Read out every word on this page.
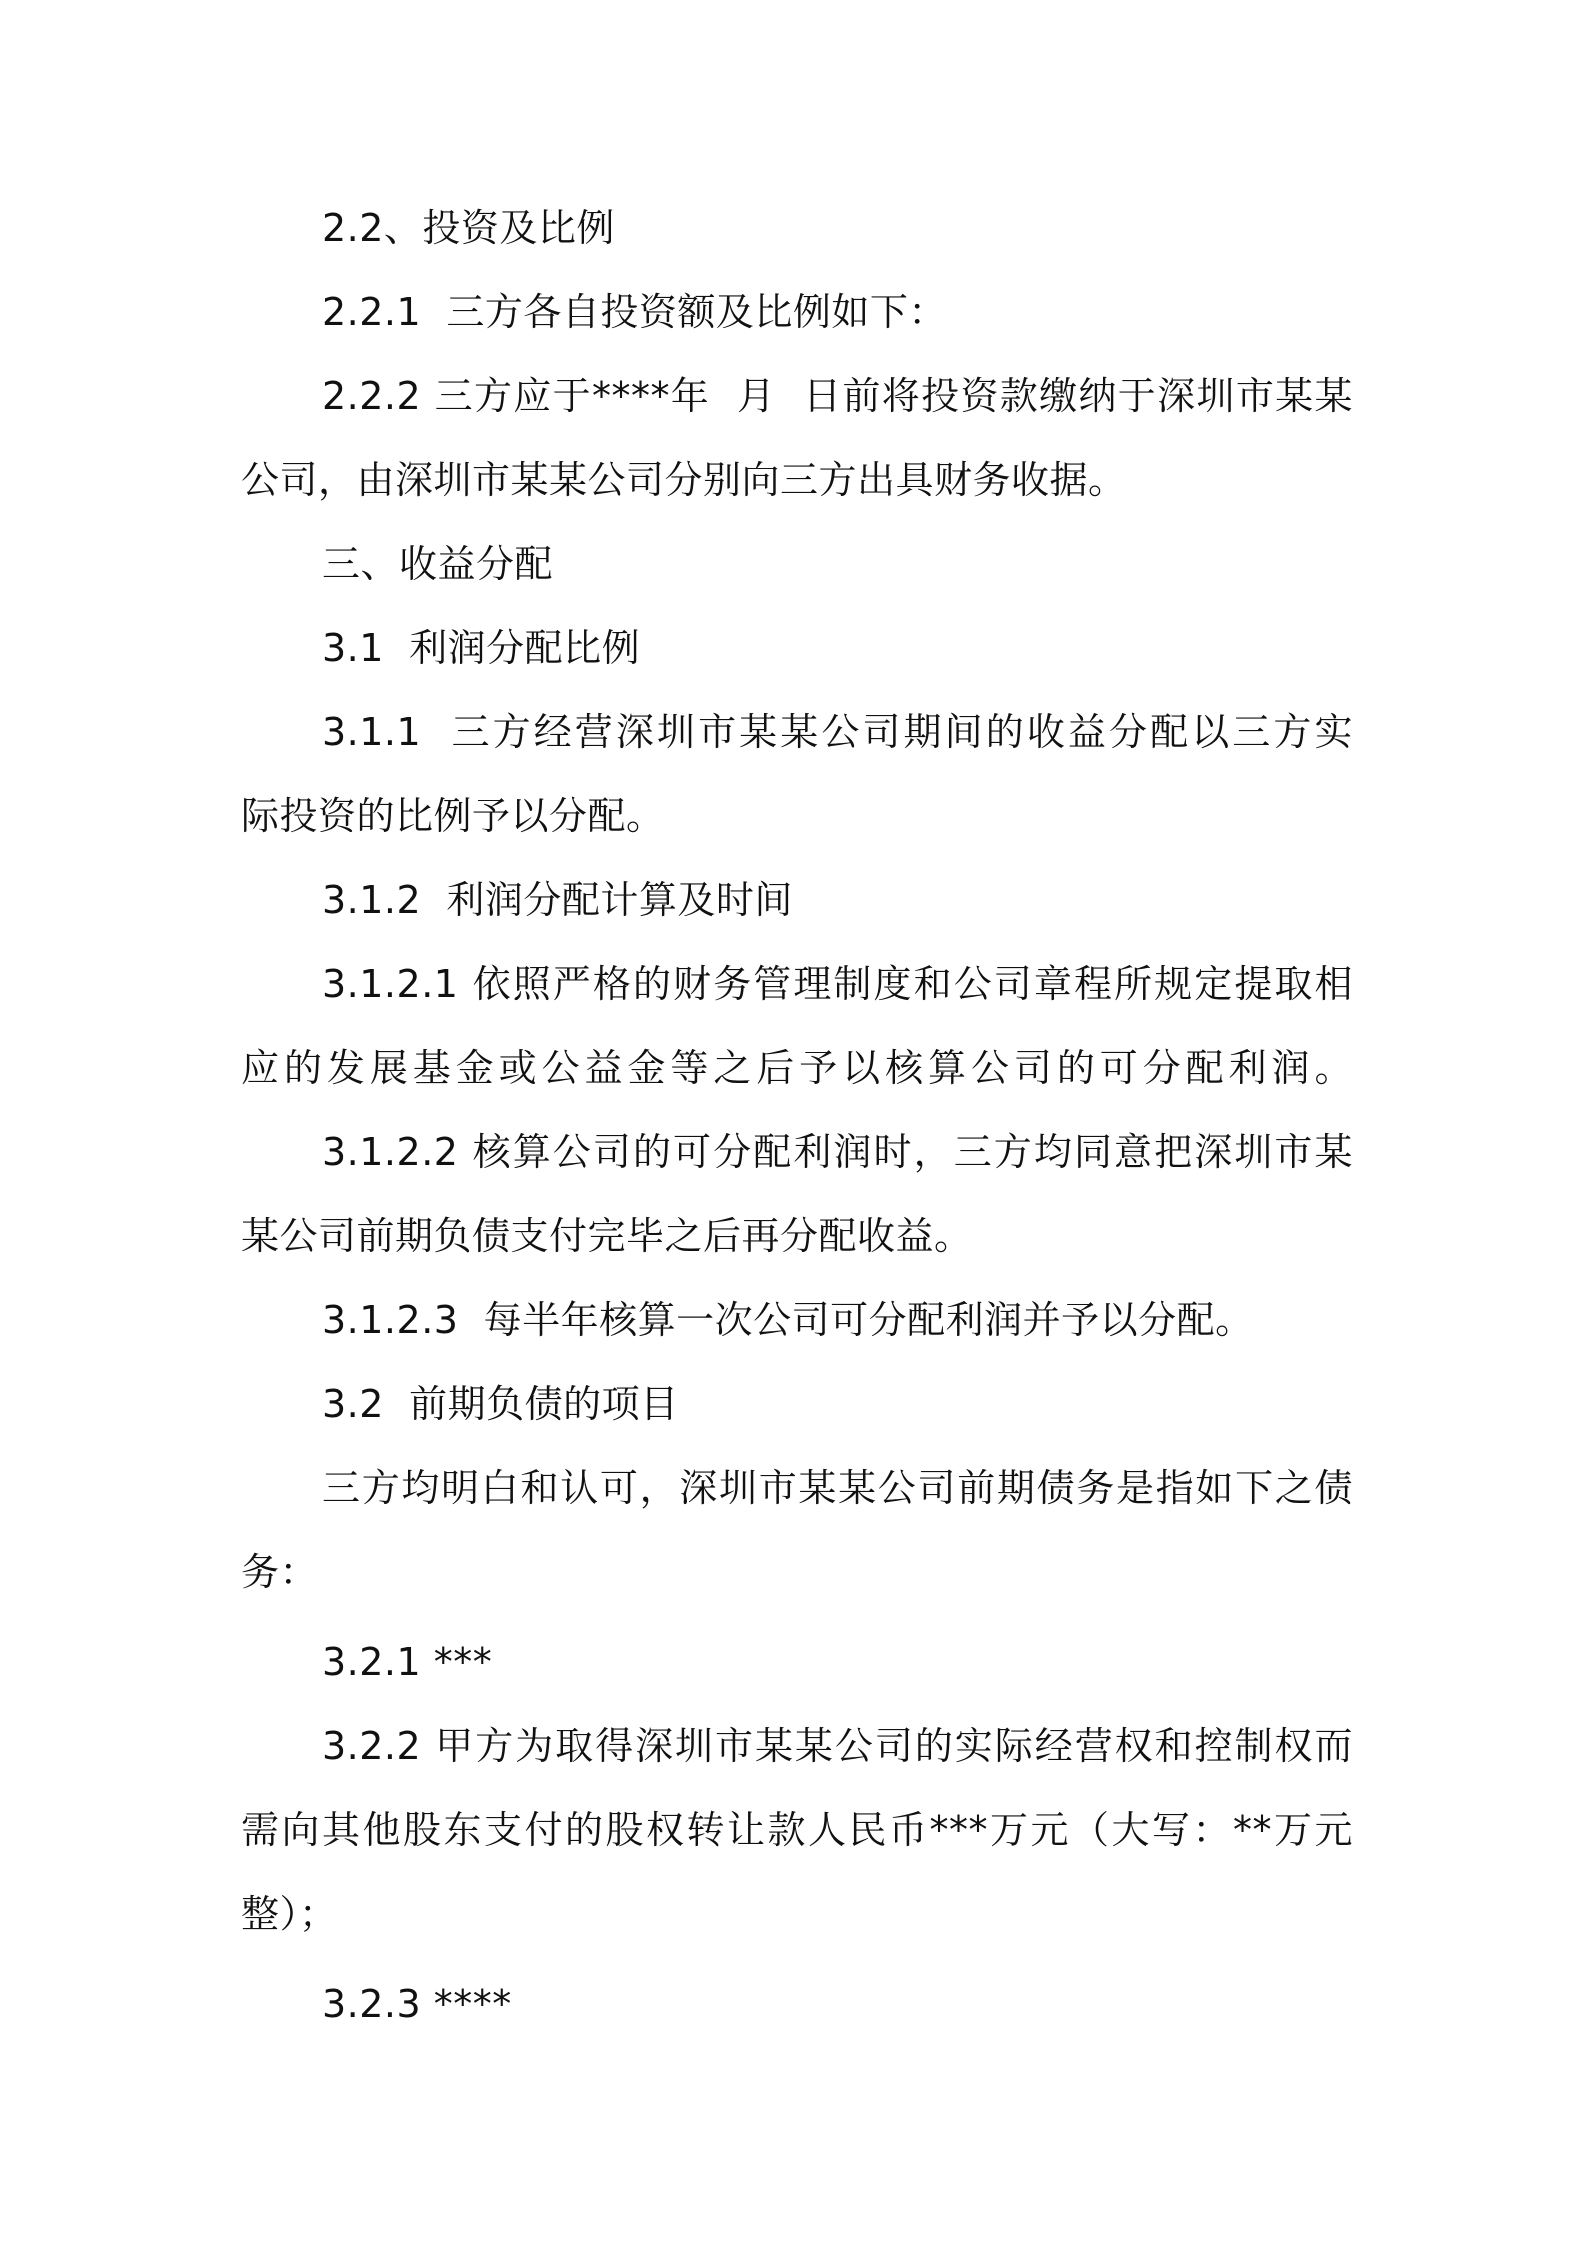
2.2、投资及比例
2.2.1  三方各自投资额及比例如下：
2.2.2 三方应于****年  月  日前将投资款缴纳于深圳市某某
公司，由深圳市某某公司分别向三方出具财务收据。
三、收益分配
3.1  利润分配比例
3.1.1  三方经营深圳市某某公司期间的收益分配以三方实
际投资的比例予以分配。
3.1.2  利润分配计算及时间
3.1.2.1 依照严格的财务管理制度和公司章程所规定提取相
应的发展基金或公益金等之后予以核算公司的可分配利润。
3.1.2.2 核算公司的可分配利润时，三方均同意把深圳市某
某公司前期负债支付完毕之后再分配收益。
3.1.2.3  每半年核算一次公司可分配利润并予以分配。
3.2  前期负债的项目
三方均明白和认可，深圳市某某公司前期债务是指如下之债
务：
3.2.1 ***
3.2.2 甲方为取得深圳市某某公司的实际经营权和控制权而
需向其他股东支付的股权转让款人民币***万元（大写：**万元
整）；
3.2.3 ****
